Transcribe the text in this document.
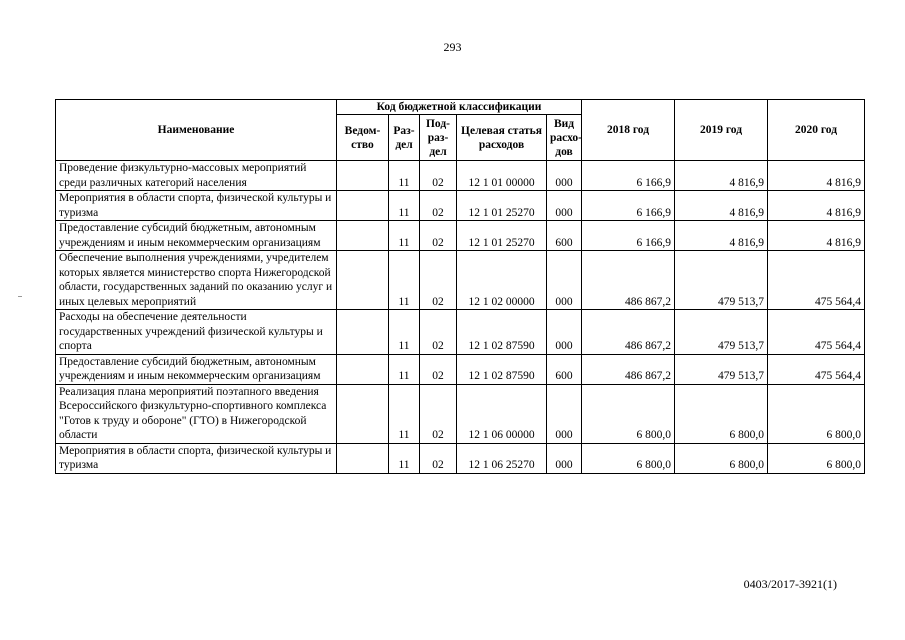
293
Наименование	Код бюджетной классификации					2018 год	2019 год	2020 год
	Ведом-ство	Раз-дел	Под-раз-дел	Целевая статья расходов	Вид расхо-дов			
Проведение физкультурно-массовых мероприятий среди различных категорий населения		11	02	12 1 01 00000	000	6 166,9	4 816,9	4 816,9
Мероприятия в области спорта, физической культуры и туризма		11	02	12 1 01 25270	000	6 166,9	4 816,9	4 816,9
Предоставление субсидий бюджетным, автономным учреждениям и иным некоммерческим организациям		11	02	12 1 01 25270	600	6 166,9	4 816,9	4 816,9
Обеспечение выполнения учреждениями, учредителем которых является министерство спорта Нижегородской области, государственных заданий по оказанию услуг и иных целевых мероприятий		11	02	12 1 02 00000	000	486 867,2	479 513,7	475 564,4
Расходы на обеспечение деятельности государственных учреждений физической культуры и спорта		11	02	12 1 02 87590	000	486 867,2	479 513,7	475 564,4
Предоставление субсидий бюджетным, автономным учреждениям и иным некоммерческим организациям		11	02	12 1 02 87590	600	486 867,2	479 513,7	475 564,4
Реализация плана мероприятий поэтапного введения Всероссийского физкультурно-спортивного комплекса "Готов к труду и обороне" (ГТО) в Нижегородской области		11	02	12 1 06 00000	000	6 800,0	6 800,0	6 800,0
Мероприятия в области спорта, физической культуры и туризма		11	02	12 1 06 25270	000	6 800,0	6 800,0	6 800,0
0403/2017-3921(1)
